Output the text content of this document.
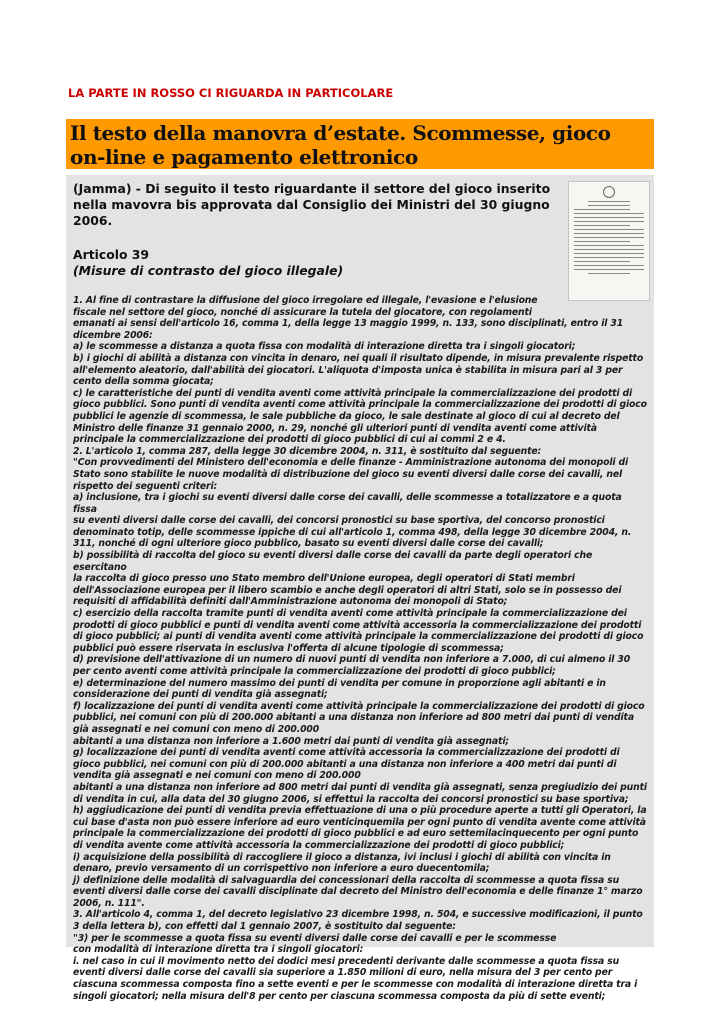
LA PARTE IN ROSSO CI RIGUARDA IN PARTICOLARE
Il testo della manovra d’estate. Scommesse, gioco on-line e pagamento elettronico

(Jamma) - Di seguito il testo riguardante il settore del gioco inserito nella mavovra bis approvata dal Consiglio dei Ministri del 30 giugno 2006.

Articolo 39

(Misure di contrasto del gioco illegale)

1. Al fine di contrastare la diffusione del gioco irregolare ed illegale, l'evasione e l'elusione
fiscale nel settore del gioco, nonché di assicurare la tutela del giocatore, con regolamenti
emanati ai sensi dell'articolo 16, comma 1, della legge 13 maggio 1999, n. 133, sono disciplinati, entro il 31
dicembre 2006:
a) le scommesse a distanza a quota fissa con modalità di interazione diretta tra i singoli giocatori;
b) i giochi di abilità a distanza con vincita in denaro, nei quali il risultato dipende, in misura prevalente rispetto
all'elemento aleatorio, dall'abilità dei giocatori. L'aliquota d'imposta unica è stabilita in misura pari al 3 per
cento della somma giocata;
c) le caratteristiche dei punti di vendita aventi come attività principale la commercializzazione dei prodotti di
gioco pubblici. Sono punti di vendita aventi come attività principale la commercializzazione dei prodotti di gioco
pubblici le agenzie di scommessa, le sale pubbliche da gioco, le sale destinate al gioco di cui al decreto del
Ministro delle finanze 31 gennaio 2000, n. 29, nonché gli ulteriori punti di vendita aventi come attività
principale la commercializzazione dei prodotti di gioco pubblici di cui ai commi 2 e 4.
2. L'articolo 1, comma 287, della legge 30 dicembre 2004, n. 311, è sostituito dal seguente:
"Con provvedimenti del Ministero dell'economia e delle finanze - Amministrazione autonoma dei monopoli di
Stato sono stabilite le nuove modalità di distribuzione del gioco su eventi diversi dalle corse dei cavalli, nel
rispetto dei seguenti criteri:
a) inclusione, tra i giochi su eventi diversi dalle corse dei cavalli, delle scommesse a totalizzatore e a quota fissa
su eventi diversi dalle corse dei cavalli, dei concorsi pronostici su base sportiva, del concorso pronostici
denominato totip, delle scommesse ippiche di cui all'articolo 1, comma 498, della legge 30 dicembre 2004, n.
311, nonché di ogni ulteriore gioco pubblico, basato su eventi diversi dalle corse dei cavalli;
b) possibilità di raccolta del gioco su eventi diversi dalle corse dei cavalli da parte degli operatori che esercitano
la raccolta di gioco presso uno Stato membro dell'Unione europea, degli operatori di Stati membri
dell'Associazione europea per il libero scambio e anche degli operatori di altri Stati, solo se in possesso dei
requisiti di affidabilità definiti dall'Amministrazione autonoma dei monopoli di Stato;
c) esercizio della raccolta tramite punti di vendita aventi come attività principale la commercializzazione dei
prodotti di gioco pubblici e punti di vendita aventi come attività accessoria la commercializzazione dei prodotti
di gioco pubblici; ai punti di vendita aventi come attività principale la commercializzazione dei prodotti di gioco
pubblici può essere riservata in esclusiva l'offerta di alcune tipologie di scommessa;
d) previsione dell'attivazione di un numero di nuovi punti di vendita non inferiore a 7.000, di cui almeno il 30
per cento aventi come attività principale la commercializzazione dei prodotti di gioco pubblici;
e) determinazione del numero massimo dei punti di vendita per comune in proporzione agli abitanti e in
considerazione dei punti di vendita già assegnati;
f) localizzazione dei punti di vendita aventi come attività principale la commercializzazione dei prodotti di gioco
pubblici, nei comuni con più di 200.000 abitanti a una distanza non inferiore ad 800 metri dai punti di vendita
già assegnati e nei comuni con meno di 200.000
abitanti a una distanza non inferiore a 1.600 metri dai punti di vendita già assegnati;
g) localizzazione dei punti di vendita aventi come attività accessoria la commercializzazione dei prodotti di
gioco pubblici, nei comuni con più di 200.000 abitanti a una distanza non inferiore a 400 metri dai punti di
vendita già assegnati e nei comuni con meno di 200.000
abitanti a una distanza non inferiore ad 800 metri dai punti di vendita già assegnati, senza pregiudizio dei punti
di vendita in cui, alla data del 30 giugno 2006, si effettui la raccolta dei concorsi pronostici su base sportiva;
h) aggiudicazione dei punti di vendita previa effettuazione di una o più procedure aperte a tutti gli Operatori, la
cui base d'asta non può essere inferiore ad euro venticinquemila per ogni punto di vendita avente come attività
principale la commercializzazione dei prodotti di gioco pubblici e ad euro settemilacinquecento per ogni punto
di vendita avente come attività accessoria la commercializzazione dei prodotti di gioco pubblici;
i) acquisizione della possibilità di raccogliere il gioco a distanza, ivi inclusi i giochi di abilità con vincita in
denaro, previo versamento di un corrispettivo non inferiore a euro duecentomila;
j) definizione delle modalità di salvaguardia dei concessionari della raccolta di scommesse a quota fissa su
eventi diversi dalle corse dei cavalli disciplinate dal decreto del Ministro dell'economia e delle finanze 1° marzo
2006, n. 111".
3. All'articolo 4, comma 1, del decreto legislativo 23 dicembre 1998, n. 504, e successive modificazioni, il punto
3 della lettera b), con effetti dal 1 gennaio 2007, è sostituito dal seguente:
"3) per le scommesse a quota fissa su eventi diversi dalle corse dei cavalli e per le scommesse
con modalità di interazione diretta tra i singoli giocatori:
i. nel caso in cui il movimento netto dei dodici mesi precedenti derivante dalle scommesse a quota fissa su
eventi diversi dalle corse dei cavalli sia superiore a 1.850 milioni di euro, nella misura del 3 per cento per
ciascuna scommessa composta fino a sette eventi e per le scommesse con modalità di interazione diretta tra i
singoli giocatori; nella misura dell'8 per cento per ciascuna scommessa composta da più di sette eventi;
